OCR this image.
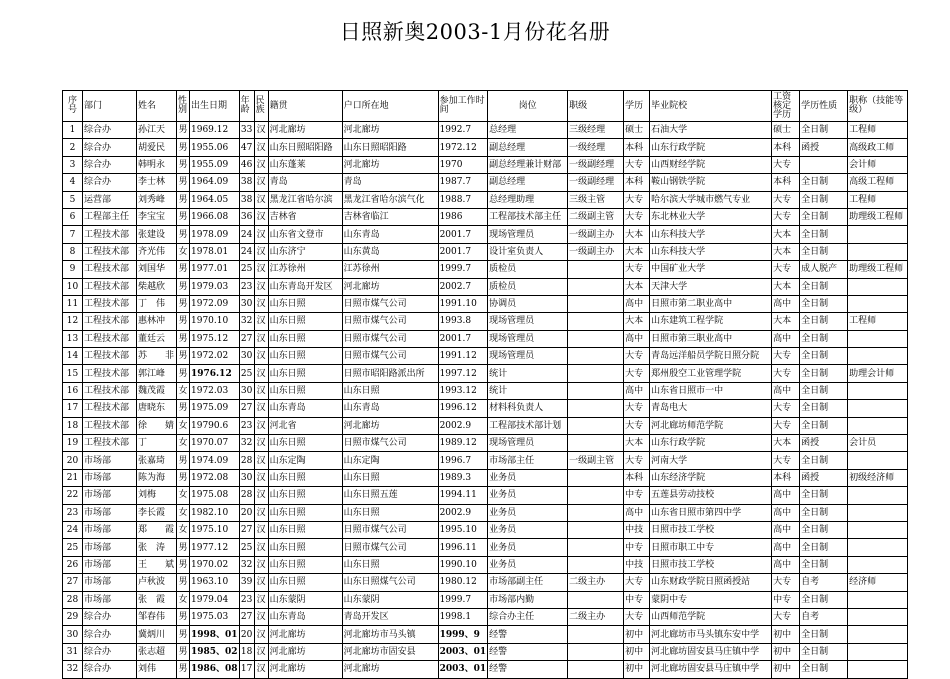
日照新奥2003-1月份花名册
序号	部门	姓名	性别	出生日期	年龄	民族	籍贯	户口所在地	参加工作时间	岗位	职级	学历	毕业院校	工资核定学历	学历性质	职称（技能等级）
1	综合办	孙江天	男	1969.12	33	汉	河北廊坊	河北廊坊	1992.7	总经理	三级经理	硕士	石油大学	硕士	全日制	工程师
2	综合办	胡爱民	男	1955.06	47	汉	山东日照昭阳路	山东日照昭阳路	1972.12	副总经理	一级经理	本科	山东行政学院	本科	函授	高级政工师
3	综合办	韩明永	男	1955.09	46	汉	山东蓬莱	河北廊坊	1970	副总经理兼计财部	一级副经理	大专	山西财经学院	大专		会计师
4	综合办	李士林	男	1964.09	38	汉	青岛	青岛	1987.7	副总经理	一级副经理	本科	鞍山钢铁学院	本科	全日制	高级工程师
5	运营部	刘秀峰	男	1964.05	38	汉	黑龙江省哈尔滨	黑龙江省哈尔滨气化	1988.7	总经理助理	三级主管	大专	哈尔滨大学城市燃气专业	大专	全日制	工程师
6	工程部主任	李宝宝	男	1966.08	36	汉	吉林省	吉林省临江	1986	工程部技术部主任	二级副主管	大专	东北林业大学	大专	全日制	助理级工程师
7	工程技术部	张建设	男	1978.09	24	汉	山东省文登市	山东青岛	2001.7	现场管理员	一级副主办	大本	山东科技大学	大本	全日制	
8	工程技术部	齐光伟	女	1978.01	24	汉	山东济宁	山东黄岛	2001.7	设计室负责人	一级副主办	大本	山东科技大学	大本	全日制	
9	工程技术部	刘国华	男	1977.01	25	汉	江苏徐州	江苏徐州	1999.7	质检员		大专	中国矿业大学	大专	成人脱产	助理级工程师
10	工程技术部	柴越欣	男	1979.03	23	汉	山东青岛开发区	河北廊坊	2002.7	质检员		大本	天津大学	大本	全日制	
11	工程技术部	丁　伟	男	1972.09	30	汉	山东日照	日照市煤气公司	1991.10	协调员		高中	日照市第二职业高中	高中	全日制	
12	工程技术部	惠林冲	男	1970.10	32	汉	山东日照	日照市煤气公司	1993.8	现场管理员		大本	山东建筑工程学院	大本	全日制	工程师
13	工程技术部	董廷云	男	1975.12	27	汉	山东日照	日照市煤气公司	2001.7	现场管理员		高中	日照市第三职业高中	高中	全日制	
14	工程技术部	苏　　非	男	1972.02	30	汉	山东日照	日照市煤气公司	1991.12	现场管理员		大专	青岛远洋船员学院日照分院	大专	全日制	
15	工程技术部	郭江峰	男	1976.12	25	汉	山东日照	日照市昭阳路派出所	1997.12	统计		大专	郑州殷空工业管理学院	大专	全日制	助理会计师
16	工程技术部	魏茂霞	女	1972.03	30	汉	山东日照	山东日照	1993.12	统计		高中	山东省日照市一中	高中	全日制	
17	工程技术部	唐晓东	男	1975.09	27	汉	山东青岛	山东青岛	1996.12	材料科负责人		大专	青岛电大	大专	全日制	
18	工程技术部	徐　　婧	女	19790.6	23	汉	河北省	河北廊坊	2002.9	工程部技术部计划		大专	河北廊坊师范学院	大专	全日制	
19	工程技术部	丁	女	1970.07	32	汉	山东日照	日照市煤气公司	1989.12	现场管理员		大本	山东行政学院	大本	函授	会计员
20	市场部	张嘉琦	男	1974.09	28	汉	山东定陶	山东定陶	1996.7	市场部主任	一级副主管	大专	河南大学	大专	全日制	
21	市场部	陈为海	男	1972.08	30	汉	山东日照	山东日照	1989.3	业务员		本科	山东经济学院	本科	函授	初级经济师
22	市场部	刘梅	女	1975.08	28	汉	山东日照	山东日照五莲	1994.11	业务员		中专	五莲县劳动技校	高中	全日制	
23	市场部	李长霞	女	1982.10	20	汉	山东日照	山东日照	2002.9	业务员		高中	山东省日照市第四中学	高中	全日制	
24	市场部	郑　　霞	女	1975.10	27	汉	山东日照	日照市煤气公司	1995.10	业务员		中技	日照市技工学校	高中	全日制	
25	市场部	张　涛	男	1977.12	25	汉	山东日照	日照市煤气公司	1996.11	业务员		中专	日照市职工中专	高中	全日制	
26	市场部	王　　斌	男	1970.02	32	汉	山东日照	山东日照	1990.10	业务员		中技	日照市技工学校	高中	全日制	
27	市场部	卢秋波	男	1963.10	39	汉	山东日照	山东日照煤气公司	1980.12	市场部副主任	二级主办	大专	山东财政学院日照函授站	大专	自考	经济师
28	市场部	张　霞	女	1979.04	23	汉	山东蒙阴	山东蒙阴	1999.7	市场部内勤		中专	蒙阴中专	中专	全日制	
29	综合办	邹春伟	男	1975.03	27	汉	山东青岛	青岛开发区	1998.1	综合办主任	二级主办	大专	山西师范学院	大专	自考	
30	综合办	冀炳川	男	1998、01	20	汉	河北廊坊	河北廊坊市马头镇	1999、9	经警		初中	河北廊坊市马头镇东安中学	初中	全日制	
31	综合办	张志超	男	1985、02	18	汉	河北廊坊	河北廊坊市固安县	2003、01	经警		初中	河北廊坊固安县马庄镇中学	初中	全日制	
32	综合办	刘伟	男	1986、08	17	汉	河北廊坊	河北廊坊	2003、01	经警		初中	河北廊坊固安县马庄镇中学	初中	全日制	
